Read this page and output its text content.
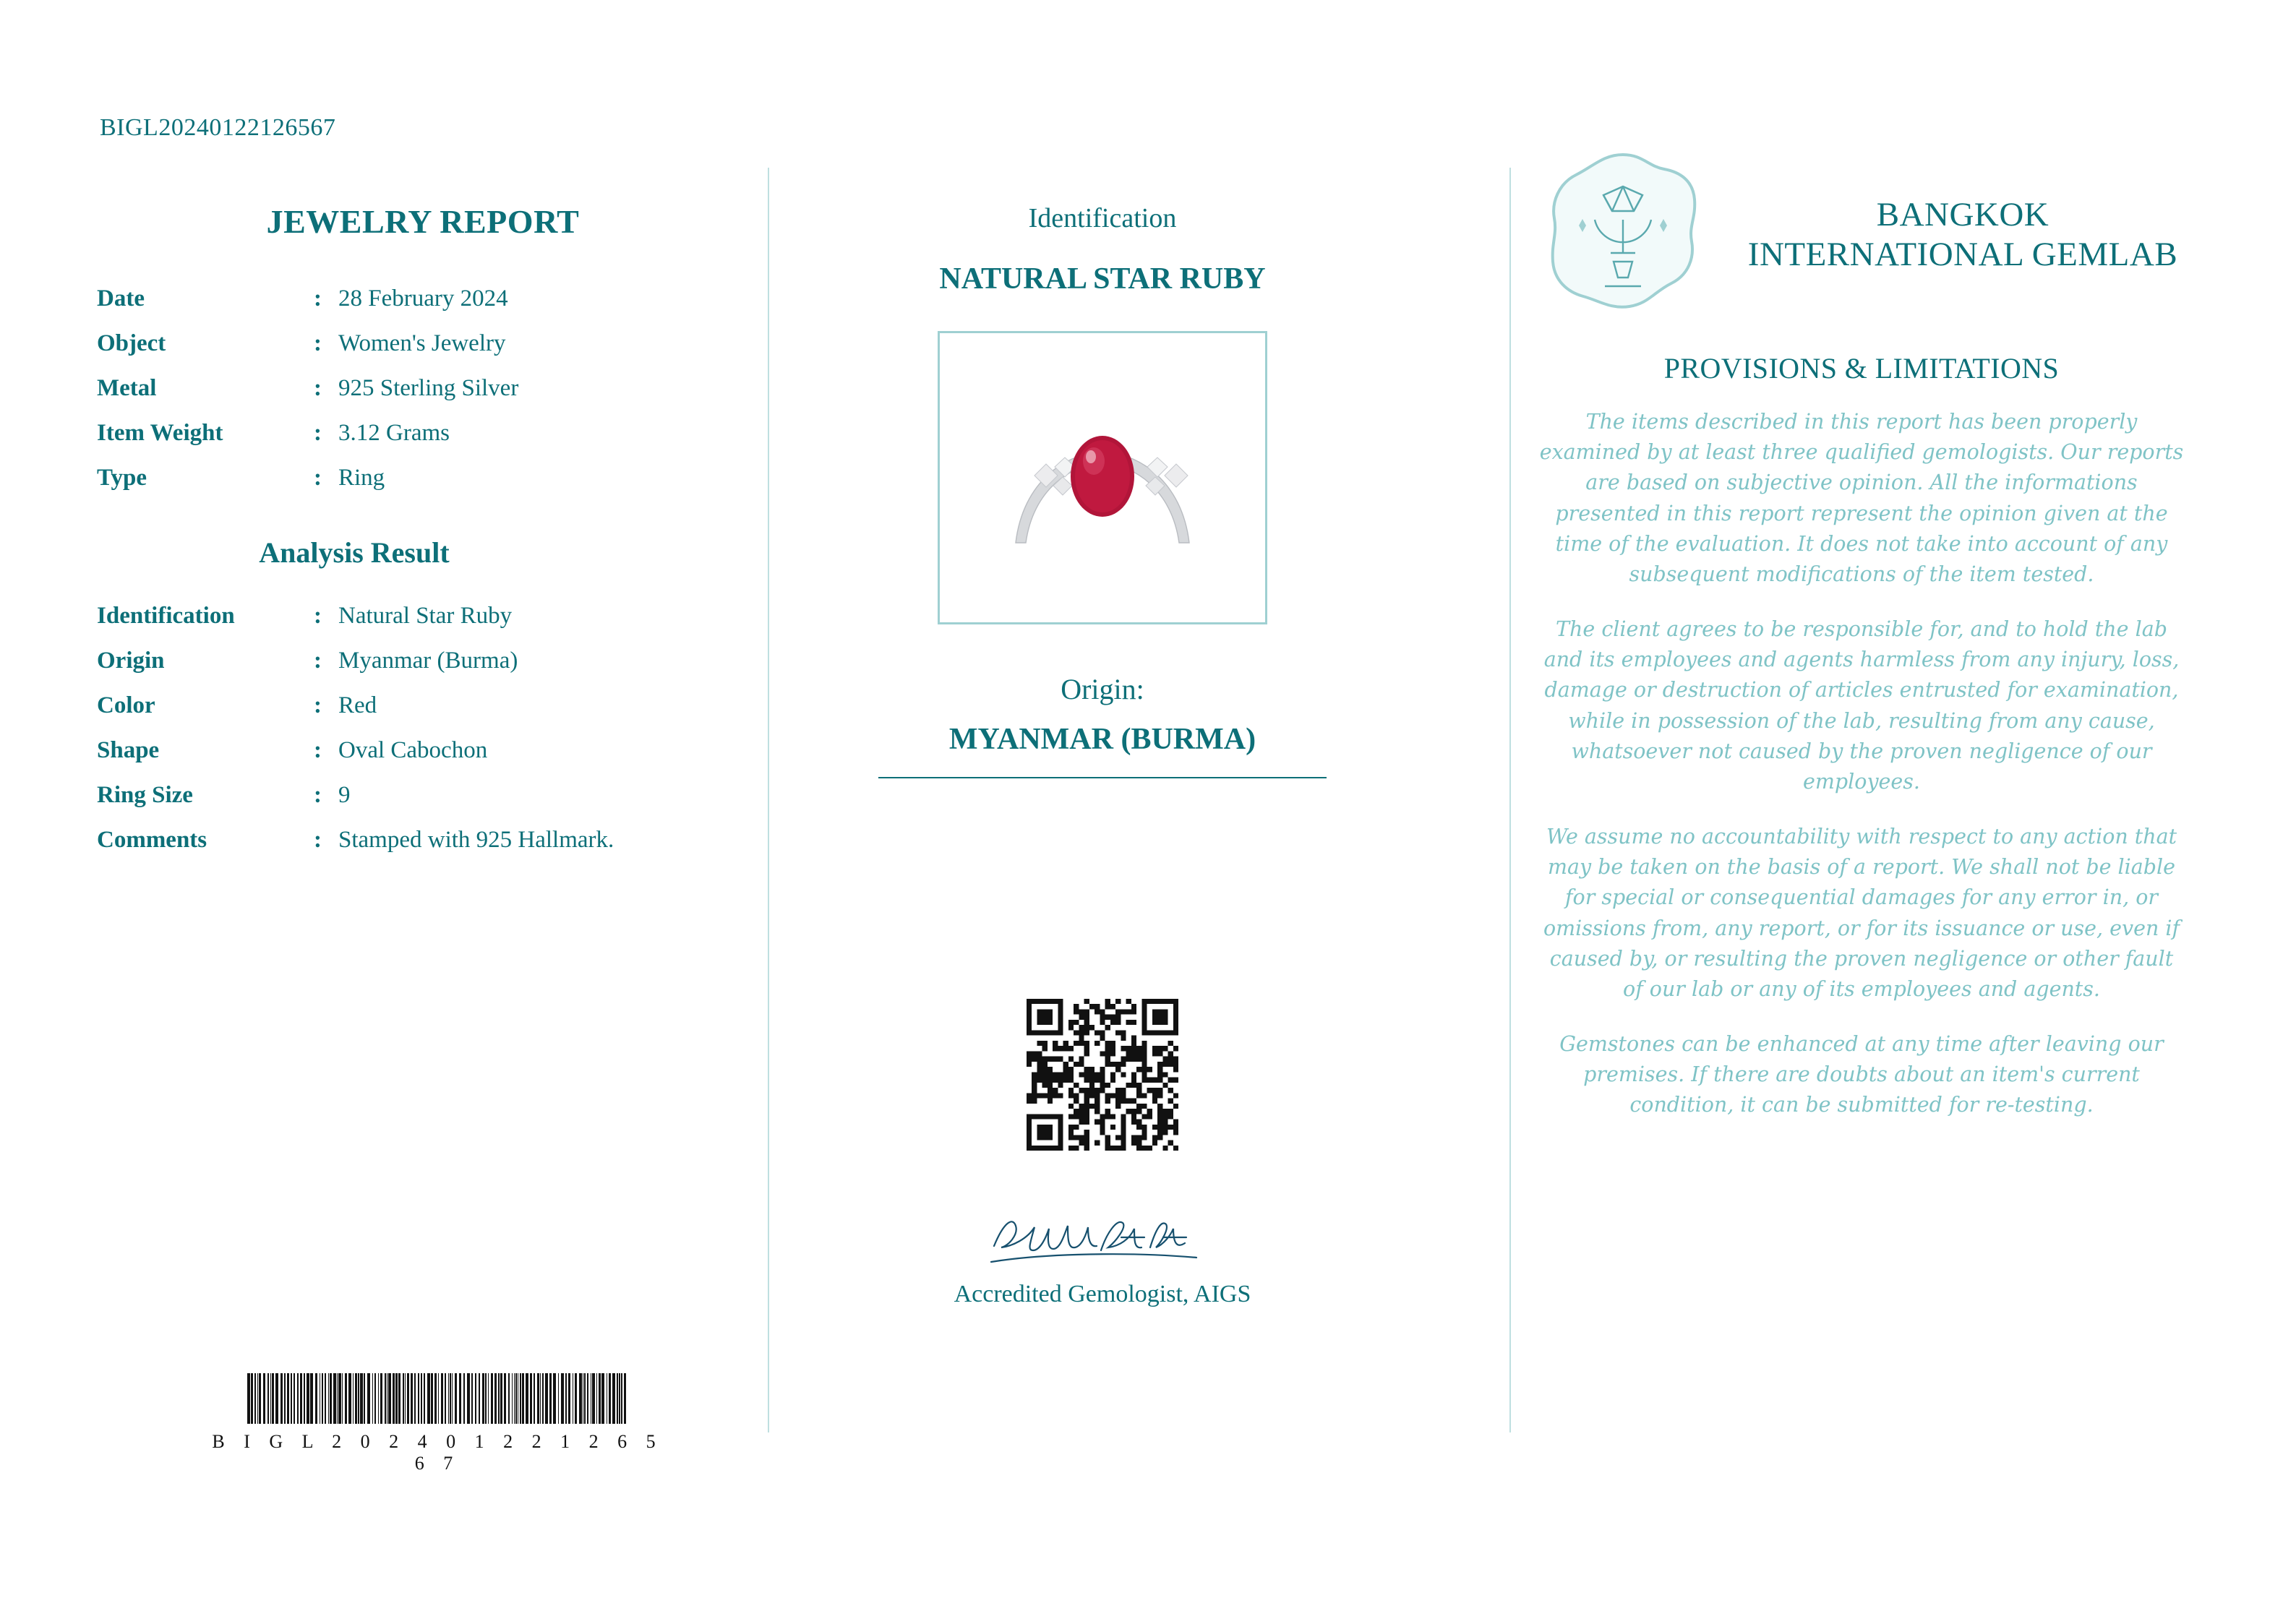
BIGL20240122126567
JEWELRY REPORT
Date	:	28 February 2024
Object	:	Women's Jewelry
Metal	:	925 Sterling Silver
Item Weight	:	3.12 Grams
Type	:	Ring
Analysis Result
Identification	:	Natural Star Ruby
Origin	:	Myanmar (Burma)
Color	:	Red
Shape	:	Oval Cabochon
Ring Size	:	9
Comments	:	Stamped with 925 Hallmark.
B I G L 2 0 2 4 0 1 2 2 1 2 6 5 6 7
Identification
NATURAL STAR RUBY
Origin:
MYANMAR (BURMA)
Accredited Gemologist, AIGS
BANGKOK INTERNATIONAL GEMLAB
PROVISIONS & LIMITATIONS

The items described in this report has been properly examined by at least three qualified gemologists. Our reports are based on subjective opinion. All the informations presented in this report represent the opinion given at the time of the evaluation. It does not take into account of any subsequent modifications of the item tested.

The client agrees to be responsible for, and to hold the lab and its employees and agents harmless from any injury, loss, damage or destruction of articles entrusted for examination, while in possession of the lab, resulting from any cause, whatsoever not caused by the proven negligence of our employees.

We assume no accountability with respect to any action that may be taken on the basis of a report. We shall not be liable for special or consequential damages for any error in, or omissions from, any report, or for its issuance or use, even if caused by, or resulting the proven negligence or other fault of our lab or any of its employees and agents.

Gemstones can be enhanced at any time after leaving our premises. If there are doubts about an item's current condition, it can be submitted for re-testing.
